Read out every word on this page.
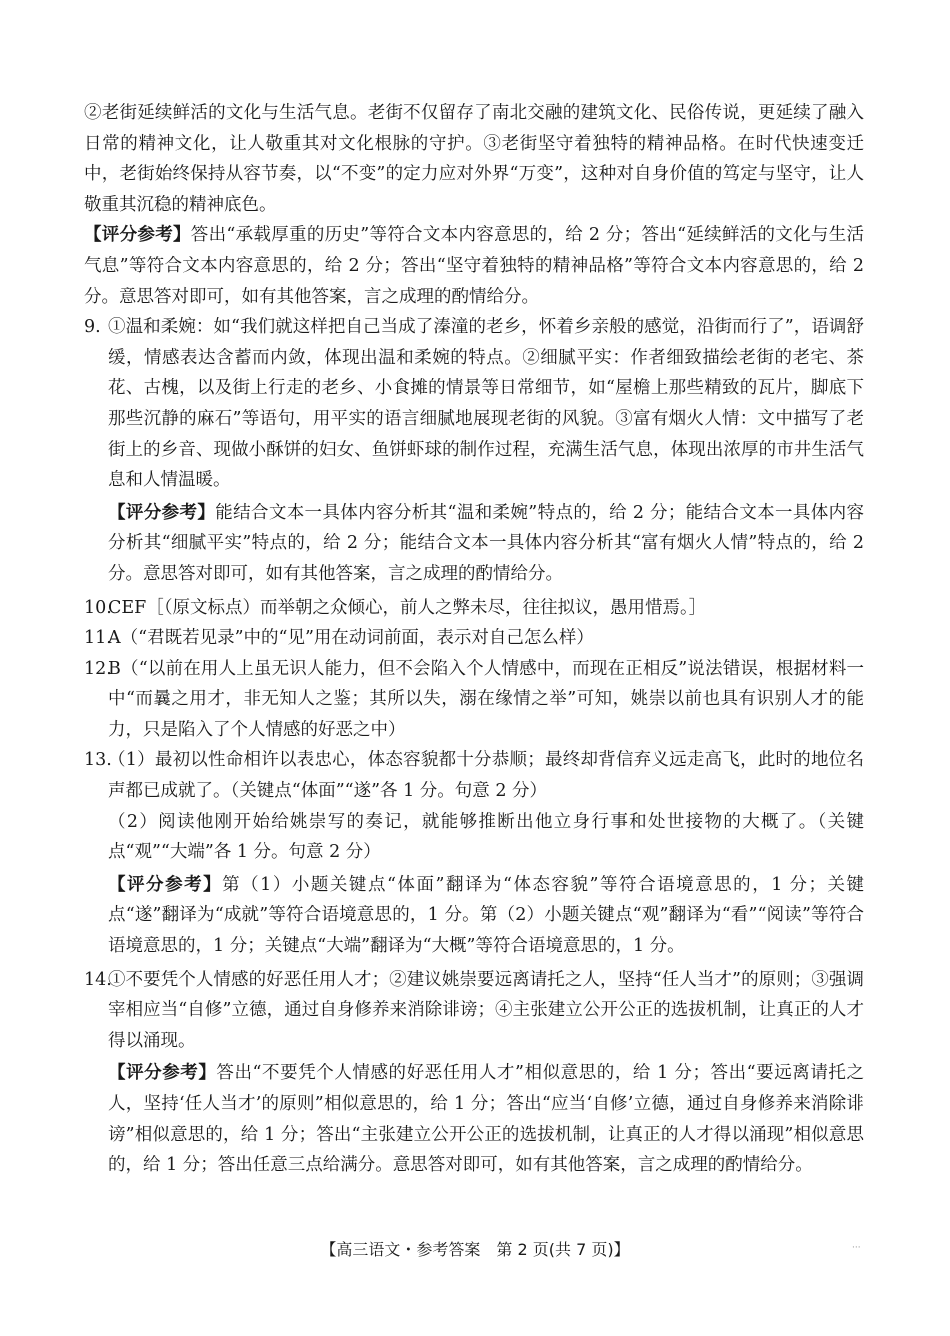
②老街延续鲜活的文化与生活气息。老街不仅留存了南北交融的建筑文化、民俗传说，更延续了融入日常的精神文化，让人敬重其对文化根脉的守护。③老街坚守着独特的精神品格。在时代快速变迁中，老街始终保持从容节奏，以“不变”的定力应对外界“万变”，这种对自身价值的笃定与坚守，让人敬重其沉稳的精神底色。

【评分参考】答出“承载厚重的历史”等符合文本内容意思的，给 2 分；答出“延续鲜活的文化与生活气息”等符合文本内容意思的，给 2 分；答出“坚守着独特的精神品格”等符合文本内容意思的，给 2 分。意思答对即可，如有其他答案，言之成理的酌情给分。

9. ①温和柔婉：如“我们就这样把自己当成了溱潼的老乡，怀着乡亲般的感觉，沿街而行了”，语调舒缓，情感表达含蓄而内敛，体现出温和柔婉的特点。②细腻平实：作者细致描绘老街的老宅、茶花、古槐，以及街上行走的老乡、小食摊的情景等日常细节，如“屋檐上那些精致的瓦片，脚底下那些沉静的麻石”等语句，用平实的语言细腻地展现老街的风貌。③富有烟火人情：文中描写了老街上的乡音、现做小酥饼的妇女、鱼饼虾球的制作过程，充满生活气息，体现出浓厚的市井生活气息和人情温暖。

【评分参考】能结合文本一具体内容分析其“温和柔婉”特点的，给 2 分；能结合文本一具体内容分析其“细腻平实”特点的，给 2 分；能结合文本一具体内容分析其“富有烟火人情”特点的，给 2 分。意思答对即可，如有其他答案，言之成理的酌情给分。

10.
CEF［（原文标点）而举朝之众倾心，前人之弊未尽，往往拟议，愚用惜焉。］
11.
A（“君既若见录”中的“见”用在动词前面，表示对自己怎么样）
12.
B（“以前在用人上虽无识人能力，但不会陷入个人情感中，而现在正相反”说法错误，根据材料一中“而曩之用才，非无知人之鉴；其所以失，溺在缘情之举”可知，姚崇以前也具有识别人才的能力，只是陷入了个人情感的好恶之中）
13.
（1）最初以性命相许以表忠心，体态容貌都十分恭顺；最终却背信弃义远走高飞，此时的地位名声都已成就了。（关键点“体面”“遂”各 1 分。句意 2 分）
（2）阅读他刚开始给姚崇写的奏记，就能够推断出他立身行事和处世接物的大概了。（关键点“观”“大端”各 1 分。句意 2 分）

【评分参考】第（1）小题关键点“体面”翻译为“体态容貌”等符合语境意思的，1 分；关键点“遂”翻译为“成就”等符合语境意思的，1 分。第（2）小题关键点“观”翻译为“看”“阅读”等符合语境意思的，1 分；关键点“大端”翻译为“大概”等符合语境意思的，1 分。

14.
①不要凭个人情感的好恶任用人才；②建议姚崇要远离请托之人，坚持“任人当才”的原则；③强调宰相应当“自修”立德，通过自身修养来消除诽谤；④主张建立公开公正的选拔机制，让真正的人才得以涌现。

【评分参考】答出“不要凭个人情感的好恶任用人才”相似意思的，给 1 分；答出“要远离请托之人，坚持‘任人当才’的原则”相似意思的，给 1 分；答出“应当‘自修’立德，通过自身修养来消除诽谤”相似意思的，给 1 分；答出“主张建立公开公正的选拔机制，让真正的人才得以涌现”相似意思的，给 1 分；答出任意三点给满分。意思答对即可，如有其他答案，言之成理的酌情给分。

【高三语文・参考答案　第 2 页(共 7 页)】	···
